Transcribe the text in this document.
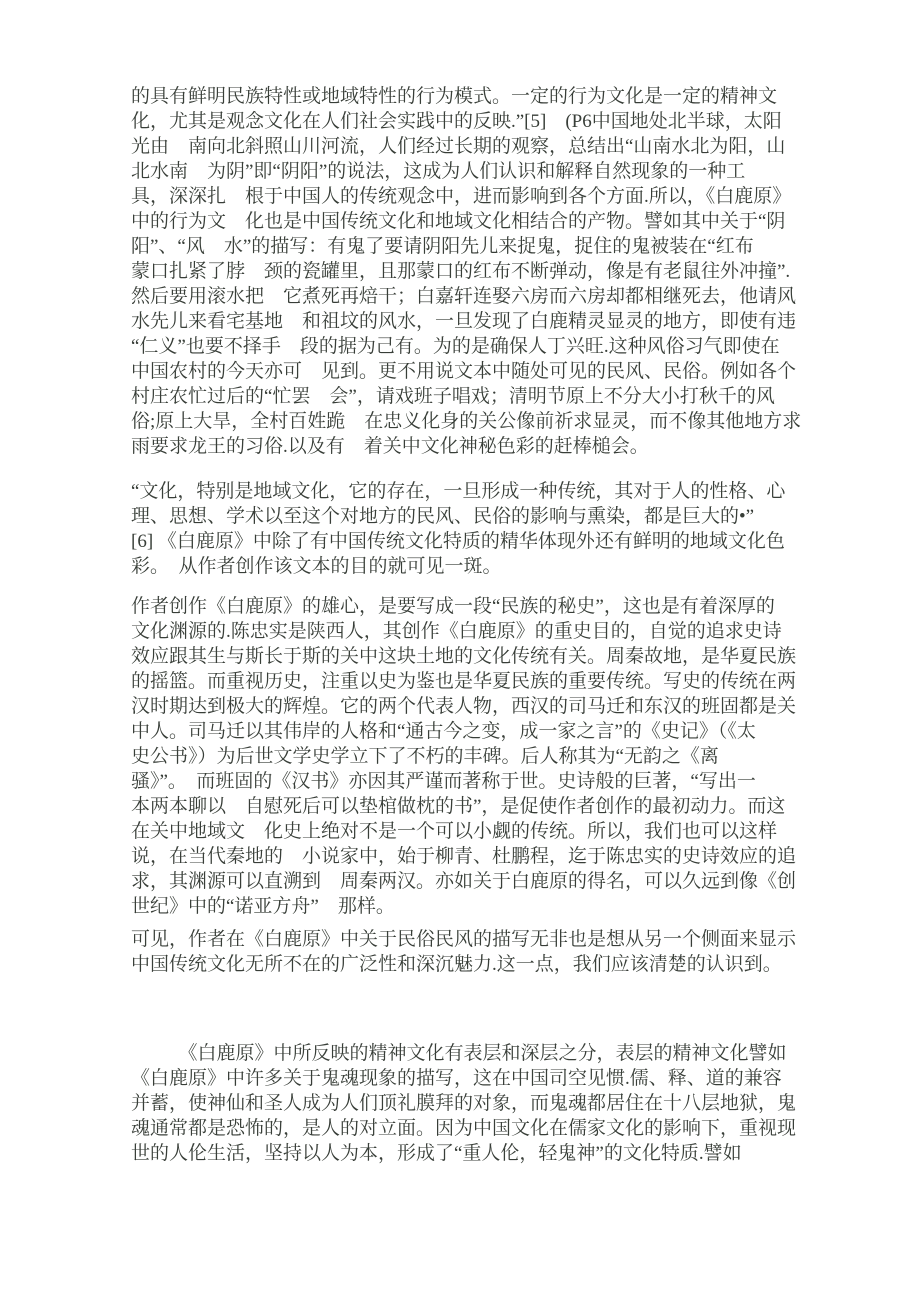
的具有鲜明民族特性或地域特性的行为模式。一定的行为文化是一定的精神文
化，尤其是观念文化在人们社会实践中的反映.”[5]　(P6中国地处北半球，太阳
光由　南向北斜照山川河流，人们经过长期的观察，总结出“山南水北为阳，山
北水南　为阴”即“阴阳”的说法，这成为人们认识和解释自然现象的一种工
具，深深扎　根于中国人的传统观念中，进而影响到各个方面.所以，《白鹿原》
中的行为文　化也是中国传统文化和地域文化相结合的产物。譬如其中关于“阴
阳”、“风　水”的描写：有鬼了要请阴阳先儿来捉鬼，捉住的鬼被装在“红布
蒙口扎紧了脖　颈的瓷罐里，且那蒙口的红布不断弹动，像是有老鼠往外冲撞”.
然后要用滚水把　它煮死再焙干；白嘉轩连娶六房而六房却都相继死去，他请风
水先儿来看宅基地　和祖坟的风水，一旦发现了白鹿精灵显灵的地方，即使有违
“仁义”也要不择手　段的据为己有。为的是确保人丁兴旺.这种风俗习气即使在
中国农村的今天亦可　见到。更不用说文本中随处可见的民风、民俗。例如各个
村庄农忙过后的“忙罢　会”，请戏班子唱戏；清明节原上不分大小打秋千的风
俗;原上大旱，全村百姓跪　在忠义化身的关公像前祈求显灵，而不像其他地方求
雨要求龙王的习俗.以及有　着关中文化神秘色彩的赶棒槌会。
“文化，特别是地域文化，它的存在，一旦形成一种传统，其对于人的性格、心
理、思想、学术以至这个对地方的民风、民俗的影响与熏染，都是巨大的•”
[6] 《白鹿原》中除了有中国传统文化特质的精华体现外还有鲜明的地域文化色
彩。　从作者创作该文本的目的就可见一斑。
作者创作《白鹿原》的雄心，是要写成一段“民族的秘史”，这也是有着深厚的
文化渊源的.陈忠实是陕西人，其创作《白鹿原》的重史目的，自觉的追求史诗
效应跟其生与斯长于斯的关中这块土地的文化传统有关。周秦故地，是华夏民族
的摇篮。而重视历史，注重以史为鉴也是华夏民族的重要传统。写史的传统在两
汉时期达到极大的辉煌。它的两个代表人物，西汉的司马迁和东汉的班固都是关
中人。司马迁以其伟岸的人格和“通古今之变，成一家之言”的《史记》（《太
史公书》）为后世文学史学立下了不朽的丰碑。后人称其为“无韵之《离
骚》”。　而班固的《汉书》亦因其严谨而著称于世。史诗般的巨著，“写出一
本两本聊以　自慰死后可以垫棺做枕的书”，是促使作者创作的最初动力。而这
在关中地域文　化史上绝对不是一个可以小觑的传统。所以，我们也可以这样
说，在当代秦地的　小说家中，始于柳青、杜鹏程，迄于陈忠实的史诗效应的追
求，其渊源可以直溯到　周秦两汉。亦如关于白鹿原的得名，可以久远到像《创
世纪》中的“诺亚方舟”　那样。
可见，作者在《白鹿原》中关于民俗民风的描写无非也是想从另一个侧面来显示
中国传统文化无所不在的广泛性和深沉魅力.这一点，我们应该清楚的认识到。
　　　《白鹿原》中所反映的精神文化有表层和深层之分，表层的精神文化譬如
《白鹿原》中许多关于鬼魂现象的描写，这在中国司空见惯.儒、释、道的兼容
并蓄，使神仙和圣人成为人们顶礼膜拜的对象，而鬼魂都居住在十八层地狱，鬼
魂通常都是恐怖的，是人的对立面。因为中国文化在儒家文化的影响下，重视现
世的人伦生活，坚持以人为本，形成了“重人伦，轻鬼神”的文化特质.譬如
